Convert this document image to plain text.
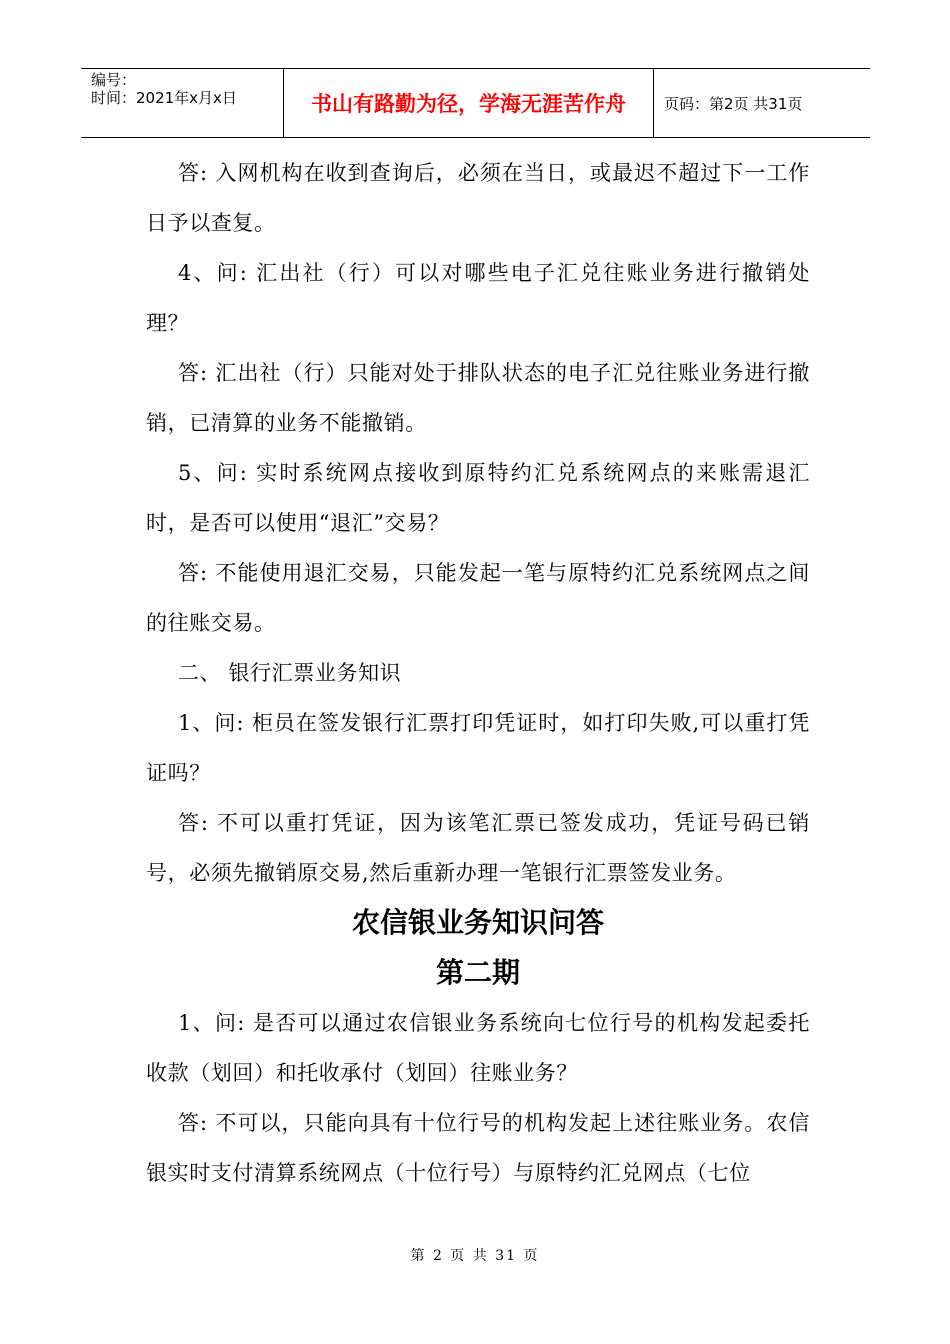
编号：
时间：2021年x月x日	书山有路勤为径，学海无涯苦作舟	页码：第2页 共31页

答: 入网机构在收到查询后，必须在当日，或最迟不超过下一工作日予以查复。

4、问: 汇出社（行）可以对哪些电子汇兑往账业务进行撤销处理？

答: 汇出社（行）只能对处于排队状态的电子汇兑往账业务进行撤销，已清算的业务不能撤销。

5、问: 实时系统网点接收到原特约汇兑系统网点的来账需退汇时，是否可以使用“退汇”交易？

答: 不能使用退汇交易，只能发起一笔与原特约汇兑系统网点之间的往账交易。

二、 银行汇票业务知识

1、问: 柜员在签发银行汇票打印凭证时，如打印失败,可以重打凭证吗？

答: 不可以重打凭证，因为该笔汇票已签发成功，凭证号码已销号，必须先撤销原交易,然后重新办理一笔银行汇票签发业务。

农信银业务知识问答

第二期

1、问: 是否可以通过农信银业务系统向七位行号的机构发起委托收款（划回）和托收承付（划回）往账业务？

答: 不可以，只能向具有十位行号的机构发起上述往账业务。农信银实时支付清算系统网点（十位行号）与原特约汇兑网点（七位

第 2 页 共 31 页
